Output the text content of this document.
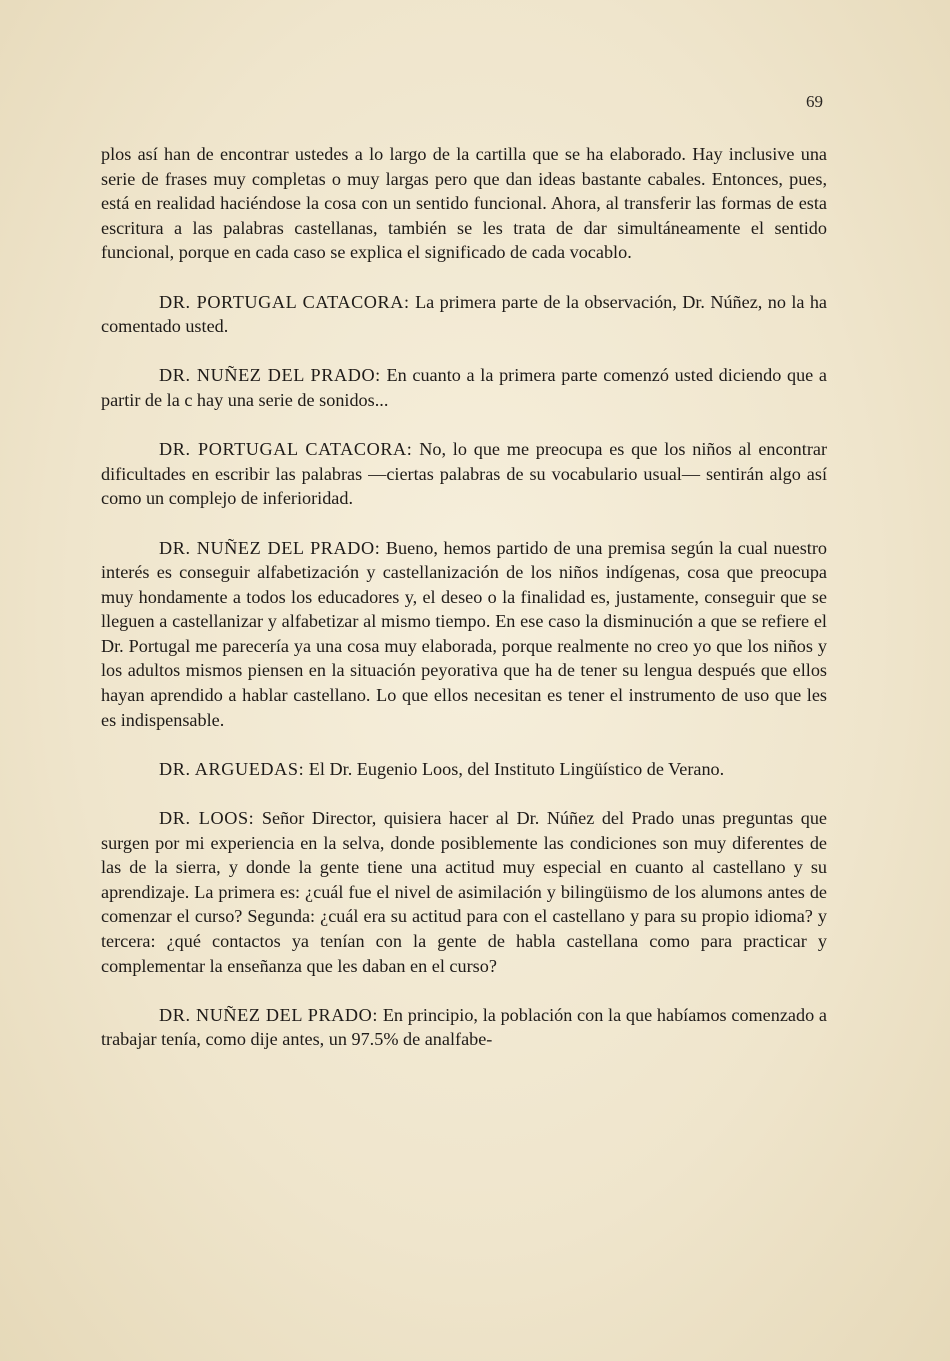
69

plos así han de encontrar ustedes a lo largo de la cartilla que se ha elaborado. Hay inclusive una serie de frases muy completas o muy largas pero que dan ideas bastante cabales. Entonces, pues, está en realidad haciéndose la cosa con un sentido funcional. Ahora, al transferir las formas de esta escritura a las palabras castellanas, también se les trata de dar simultáneamente el sentido funcional, porque en cada caso se explica el significado de cada vocablo.

DR. PORTUGAL CATACORA: La primera parte de la observación, Dr. Núñez, no la ha comentado usted.

DR. NUÑEZ DEL PRADO: En cuanto a la primera parte comenzó usted diciendo que a partir de la c hay una serie de sonidos...

DR. PORTUGAL CATACORA: No, lo que me preocupa es que los niños al encontrar dificultades en escribir las palabras —ciertas palabras de su vocabulario usual— sentirán algo así como un complejo de inferioridad.

DR. NUÑEZ DEL PRADO: Bueno, hemos partido de una premisa según la cual nuestro interés es conseguir alfabetización y castellanización de los niños indígenas, cosa que preocupa muy hondamente a todos los educadores y, el deseo o la finalidad es, justamente, conseguir que se lleguen a castellanizar y alfabetizar al mismo tiempo. En ese caso la disminución a que se refiere el Dr. Portugal me parecería ya una cosa muy elaborada, porque realmente no creo yo que los niños y los adultos mismos piensen en la situación peyorativa que ha de tener su lengua después que ellos hayan aprendido a hablar castellano. Lo que ellos necesitan es tener el instrumento de uso que les es indispensable.

DR. ARGUEDAS: El Dr. Eugenio Loos, del Instituto Lingüístico de Verano.

DR. LOOS: Señor Director, quisiera hacer al Dr. Núñez del Prado unas preguntas que surgen por mi experiencia en la selva, donde posiblemente las condiciones son muy diferentes de las de la sierra, y donde la gente tiene una actitud muy especial en cuanto al castellano y su aprendizaje. La primera es: ¿cuál fue el nivel de asimilación y bilingüismo de los alumons antes de comenzar el curso? Segunda: ¿cuál era su actitud para con el castellano y para su propio idioma? y tercera: ¿qué contactos ya tenían con la gente de habla castellana como para practicar y complementar la enseñanza que les daban en el curso?

DR. NUÑEZ DEL PRADO: En principio, la población con la que habíamos comenzado a trabajar tenía, como dije antes, un 97.5% de analfabe-
